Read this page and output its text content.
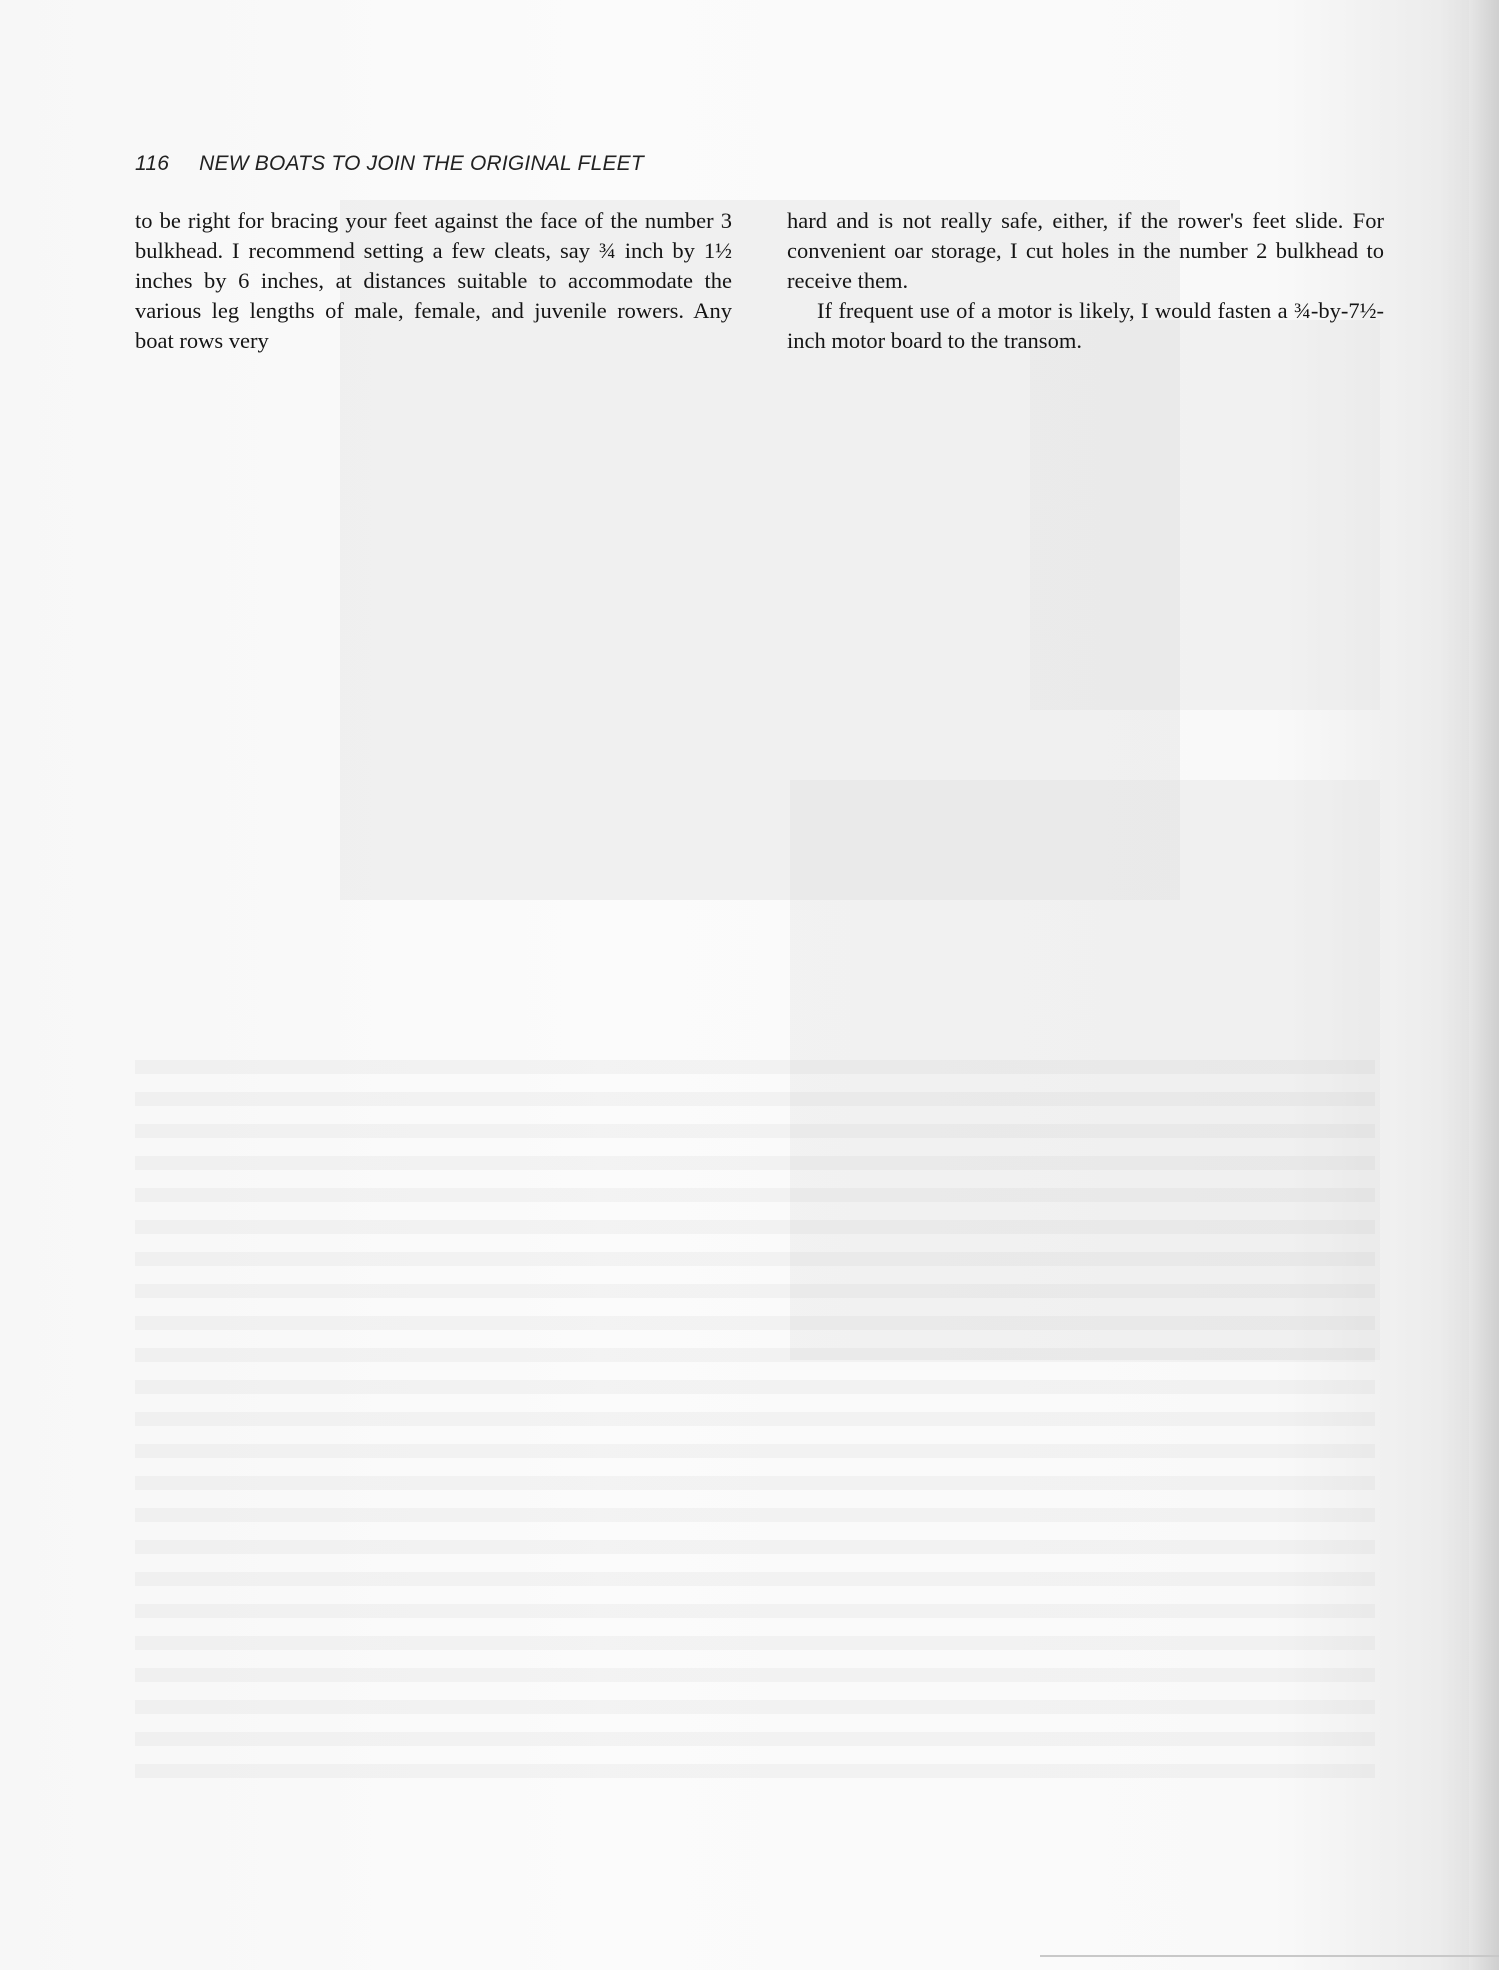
116 NEW BOATS TO JOIN THE ORIGINAL FLEET

to be right for bracing your feet against the face of the number 3 bulkhead. I recommend setting a few cleats, say ¾ inch by 1½ inches by 6 inches, at distances suitable to accommodate the various leg lengths of male, female, and juvenile rowers. Any boat rows very

hard and is not really safe, either, if the rower's feet slide. For convenient oar storage, I cut holes in the number 2 bulkhead to receive them.

If frequent use of a motor is likely, I would fasten a ¾-by-7½-inch motor board to the transom.
